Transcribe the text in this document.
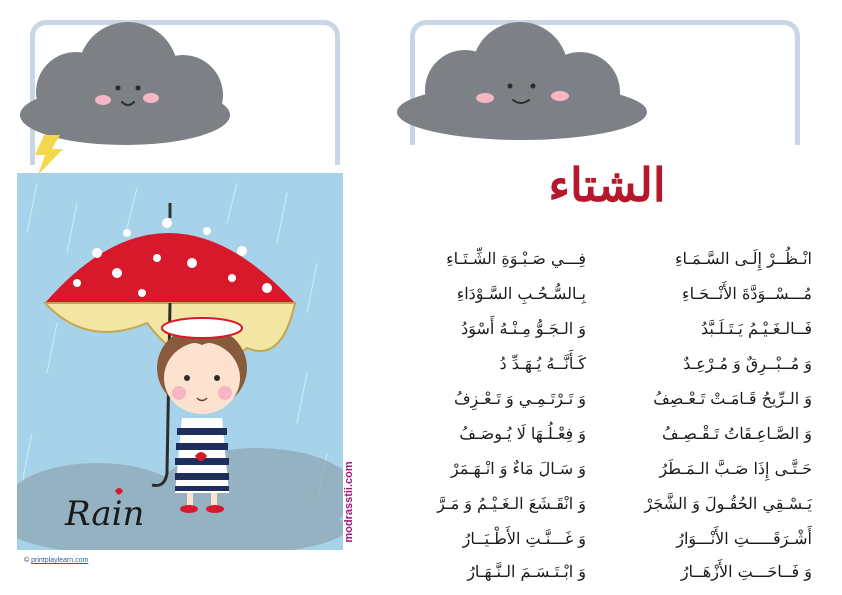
Rain
© printplaylearn.com
modrasstii.com
الشتاء
انْـظُــرْ إِلَـى السَّـمَـاءِ
فِـــي صَـبْـوَةِ الشِّـتَـاءِ
مُـــسْــوَدَّةَ الأَنْــحَـاءِ
بِـالسُّـحُـبِ السَّـوْدَاءِ
فَــالـغَـيْـمُ يَـتَـلَـبَّدُ
وَ الـجَـوُّ مِـنْـهُ أَسْوَدُ
وَ مُــبْــرِقٌ وَ مُـرْعِـدٌ
كَـأَنَّــهُ يُـهَـدِّ دُ
وَ الـرِّيحُ قَـامَـتْ تَـعْـصِفُ
وَ تَـرْتَـمِـي وَ تَـعْـزِفُ
وَ الصَّـاعِـقَاتُ تَـقْـصِـفُ
وَ فِعْـلُـهَا لَا يُـوصَـفُ
حَـتَّـى إِذَا صَـبَّ الـمَـطَرُ
وَ سَـالَ مَاءٌ وَ انْـهَـمَرْ
يَـسْـقِي الحُقُـولَ وَ الشَّجَرْ
وَ انْقَـشَعَ الـغَـيْـمُ وَ مَـرَّ
أَشْـرَقَـــــتِ الأَنْـــوَارُ
وَ غَـــنَّـتِ الأَطْـيَــارُ
وَ فَــاحَـــتِ الأَزْهَــارُ
وَ ابْـتَـسَـمَ الـنَّـهَـارُ
